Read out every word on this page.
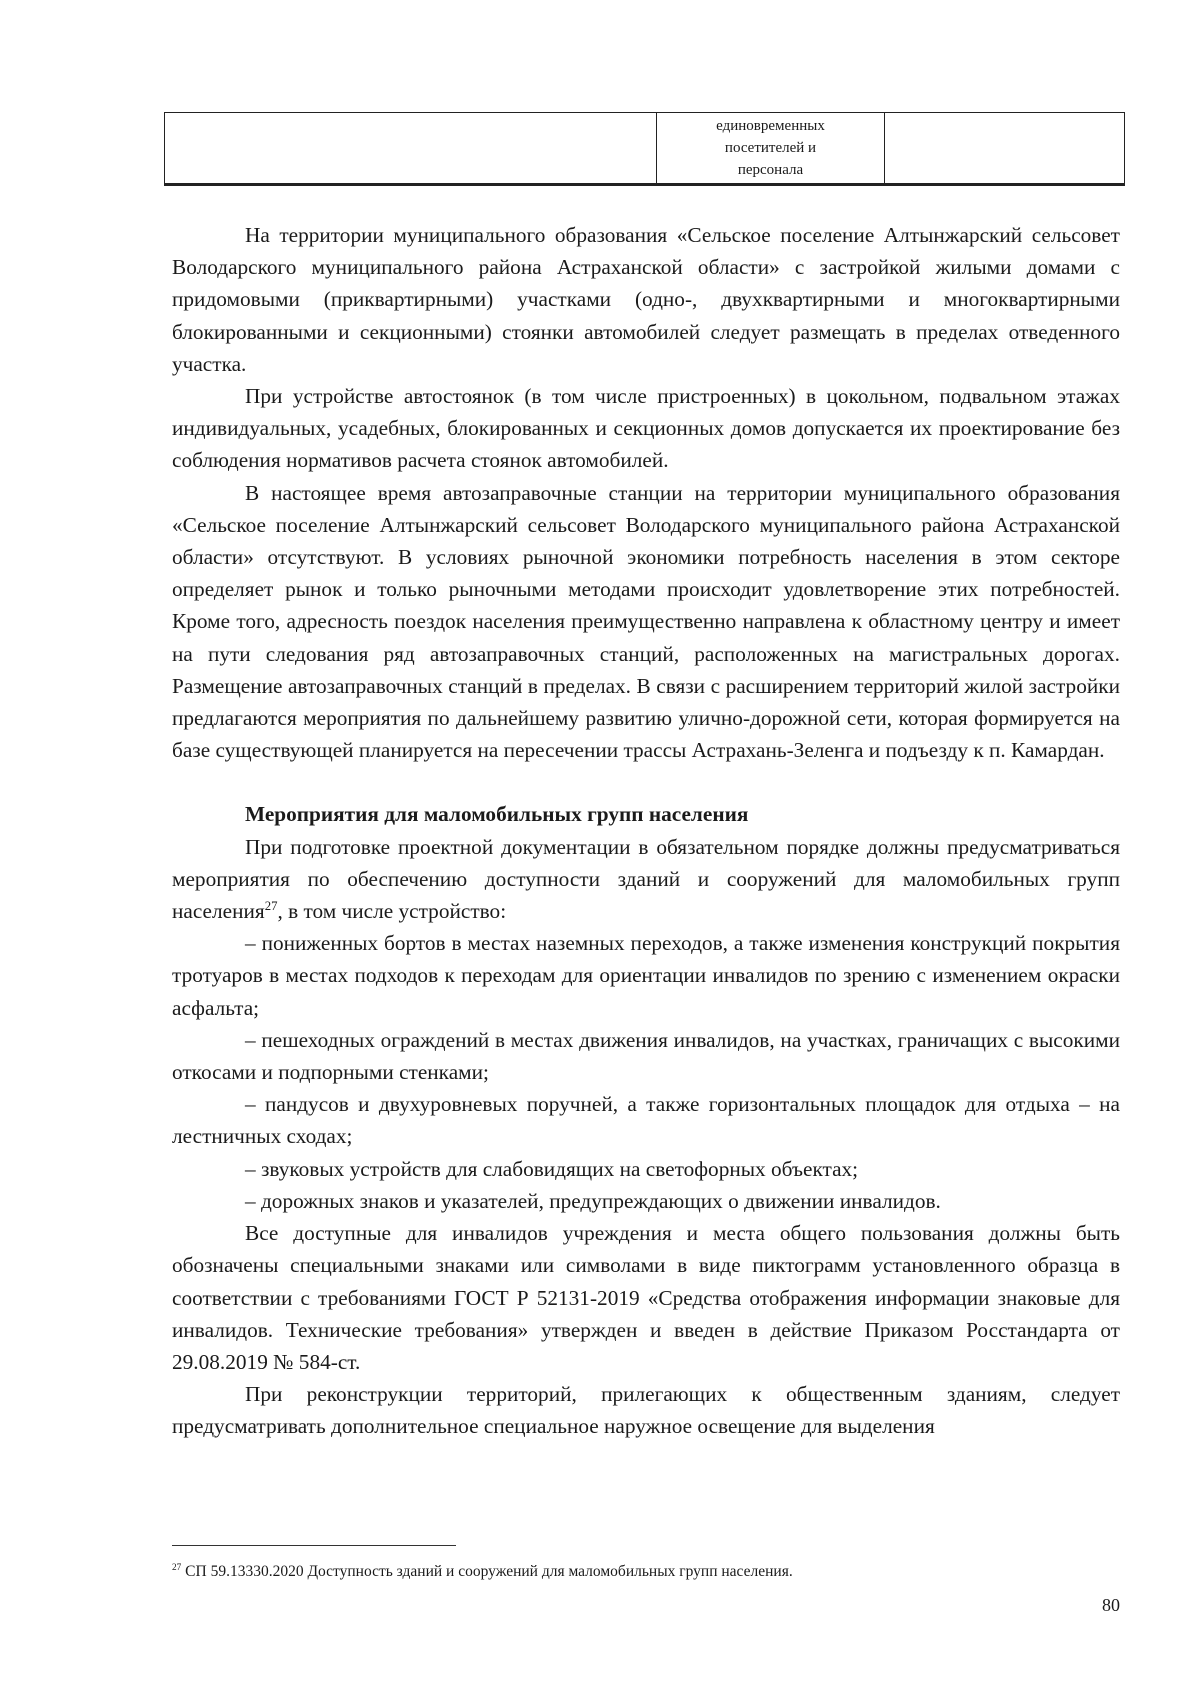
единовременных
посетителей и
персонала

На территории муниципального образования «Сельское поселение Алтынжарский сельсовет Володарского муниципального района Астраханской области» с застройкой жилыми домами с придомовыми (приквартирными) участками (одно-, двухквартирными и многоквартирными блокированными и секционными) стоянки автомобилей следует размещать в пределах отведенного участка.

При устройстве автостоянок (в том числе пристроенных) в цокольном, подвальном этажах индивидуальных, усадебных, блокированных и секционных домов допускается их проектирование без соблюдения нормативов расчета стоянок автомобилей.

В настоящее время автозаправочные станции на территории муниципального образования «Сельское поселение Алтынжарский сельсовет Володарского муниципального района Астраханской области» отсутствуют. В условиях рыночной экономики потребность населения в этом секторе определяет рынок и только рыночными методами происходит удовлетворение этих потребностей. Кроме того, адресность поездок населения преимущественно направлена к областному центру и имеет на пути следования ряд автозаправочных станций, расположенных на магистральных дорогах. Размещение автозаправочных станций в пределах. В связи с расширением территорий жилой застройки предлагаются мероприятия по дальнейшему развитию улично-дорожной сети, которая формируется на базе существующей планируется на пересечении трассы Астрахань-Зеленга и подъезду к п. Камардан.

Мероприятия для маломобильных групп населения

При подготовке проектной документации в обязательном порядке должны предусматриваться мероприятия по обеспечению доступности зданий и сооружений для маломобильных групп населения$^{27}$, в том числе устройство:

– пониженных бортов в местах наземных переходов, а также изменения конструкций покрытия тротуаров в местах подходов к переходам для ориентации инвалидов по зрению с изменением окраски асфальта;

– пешеходных ограждений в местах движения инвалидов, на участках, граничащих с высокими откосами и подпорными стенками;

– пандусов и двухуровневых поручней, а также горизонтальных площадок для отдыха – на лестничных сходах;

– звуковых устройств для слабовидящих на светофорных объектах;

– дорожных знаков и указателей, предупреждающих о движении инвалидов.

Все доступные для инвалидов учреждения и места общего пользования должны быть обозначены специальными знаками или символами в виде пиктограмм установленного образца в соответствии с требованиями ГОСТ Р 52131-2019 «Средства отображения информации знаковые для инвалидов. Технические требования» утвержден и введен в действие Приказом Росстандарта от 29.08.2019 № 584-ст.

При реконструкции территорий, прилегающих к общественным зданиям, следует предусматривать дополнительное специальное наружное освещение для выделения

$^{27}$ СП 59.13330.2020 Доступность зданий и сооружений для маломобильных групп населения.
80
